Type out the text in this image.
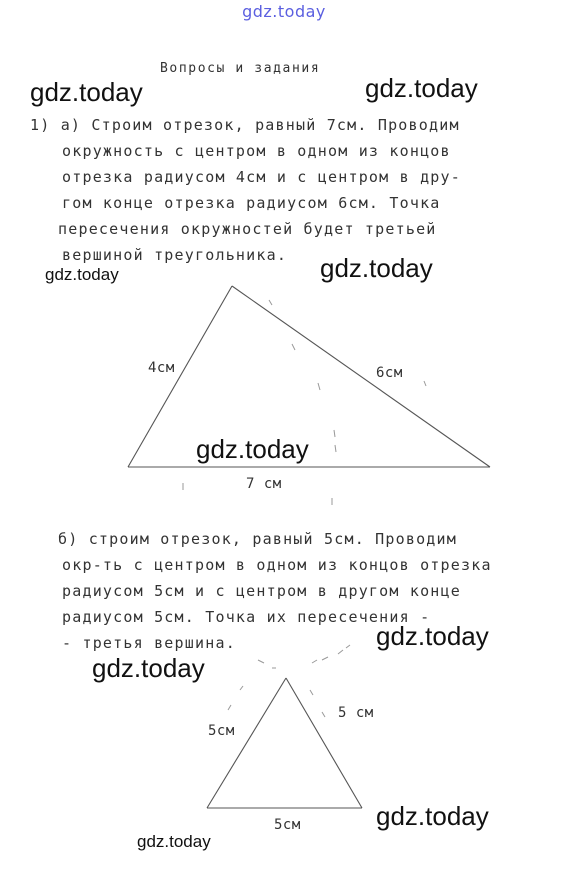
gdz.today
Вопросы и задания
1) а) Строим отрезок, равный 7см. Проводим
окружность с центром в одном из концов
отрезка радиусом 4см и с центром в дру-
гом конце отрезка радиусом 6см. Точка
пересечения окружностей будет третьей
вершиной треугольника.
4см	6см
7 см
б) строим отрезок, равный 5см. Проводим
окр-ть с центром в одном из концов отрезка
радиусом 5см и с центром в другом конце
радиусом 5см. Точка их пересечения -
- третья вершина.
5см
5 см
5см
gdz.today	gdz.today
gdz.today	gdz.today
gdz.today
gdz.today
gdz.today
gdz.today
gdz.today
